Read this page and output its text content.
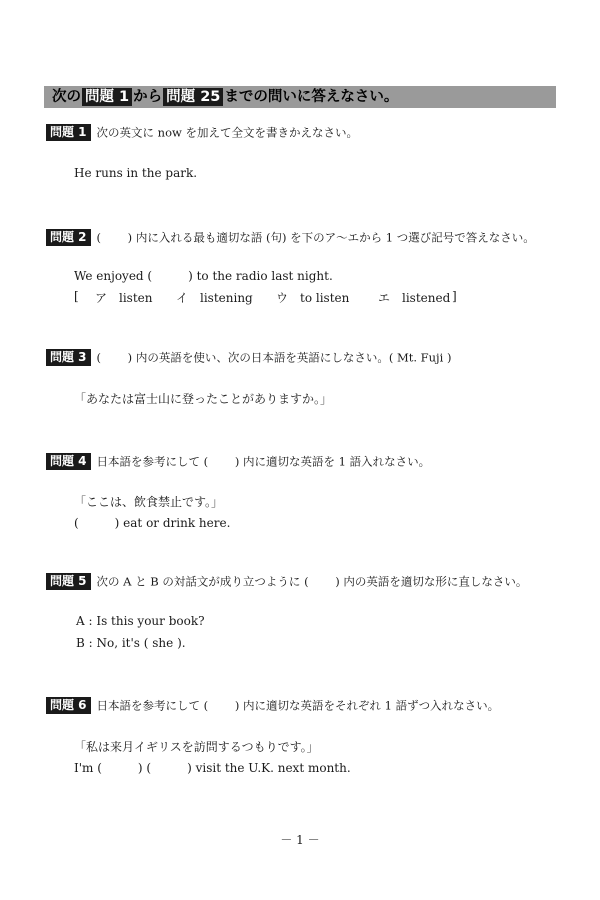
次の 問題 1 から 問題 25 までの問いに答えなさい。
問題 1 次の英文に now を加えて全文を書きかえなさい。
He runs in the park.
問題 2 (　　 ) 内に入れる最も適切な語 (句) を下のア～エから 1 つ選び記号で答えなさい。
We enjoyed (　　　) to the radio last night.
[ ア　listen イ　listening ウ　to listen エ　listened ]
問題 3 (　　 ) 内の英語を使い、次の日本語を英語にしなさい。( Mt. Fuji )
「あなたは富士山に登ったことがありますか。」
問題 4 日本語を参考にして (　　 ) 内に適切な英語を 1 語入れなさい。
「ここは、飲食禁止です。」
(　　　) eat or drink here.
問題 5 次の A と B の対話文が成り立つように (　　 ) 内の英語を適切な形に直しなさい。
A : Is this your book?
B : No, it's ( she ).
問題 6 日本語を参考にして (　　 ) 内に適切な英語をそれぞれ 1 語ずつ入れなさい。
「私は来月イギリスを訪問するつもりです。」
I'm (　　　) (　　　) visit the U.K. next month.
－ 1 －
